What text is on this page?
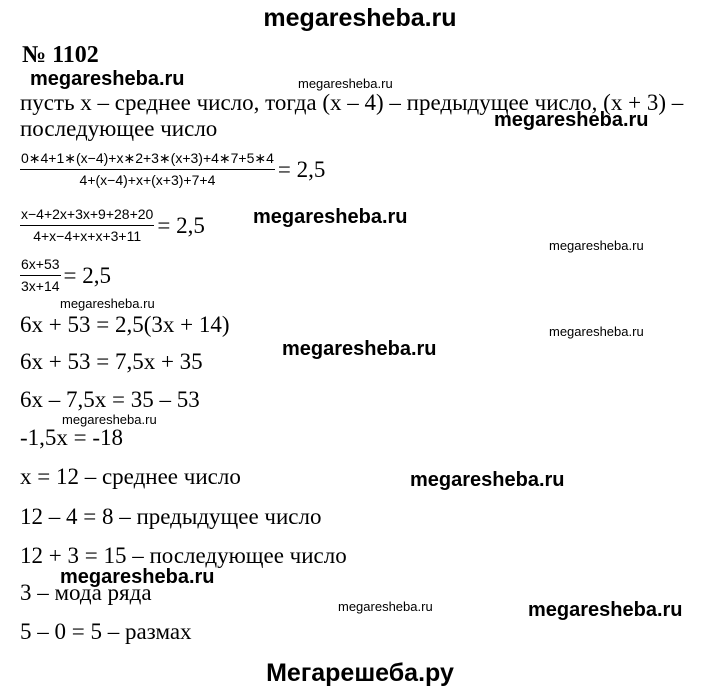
megaresheba.ru
№ 1102
пусть x – среднее число, тогда (x – 4) – предыдущее число, (x + 3) –
последующее число
$\frac{0∗4+1∗(x-4)+x∗2+3∗(x+3)+4∗7+5∗4}{4+(x-4)+x+(x+3)+7+4} = 2,5$
$\frac{x-4+2x+3x+9+28+20}{4+x-4+x+x+3+11} = 2,5$
$\frac{6x+53}{3x+14} = 2,5$
6x + 53 = 2,5(3x + 14)
6x + 53 = 7,5x + 35
6x – 7,5x = 35 – 53
-1,5x = -18
x = 12 – среднее число
12 – 4 = 8 – предыдущее число
12 + 3 = 15 – последующее число
3 – мода ряда
5 – 0 = 5 – размах
megaresheba.ru	megaresheba.ru
megaresheba.ru
megaresheba.ru
megaresheba.ru
megaresheba.ru
megaresheba.ru
megaresheba.ru
megaresheba.ru
megaresheba.ru
megaresheba.ru
megaresheba.ru	megaresheba.ru
Мегарешеба.ру
